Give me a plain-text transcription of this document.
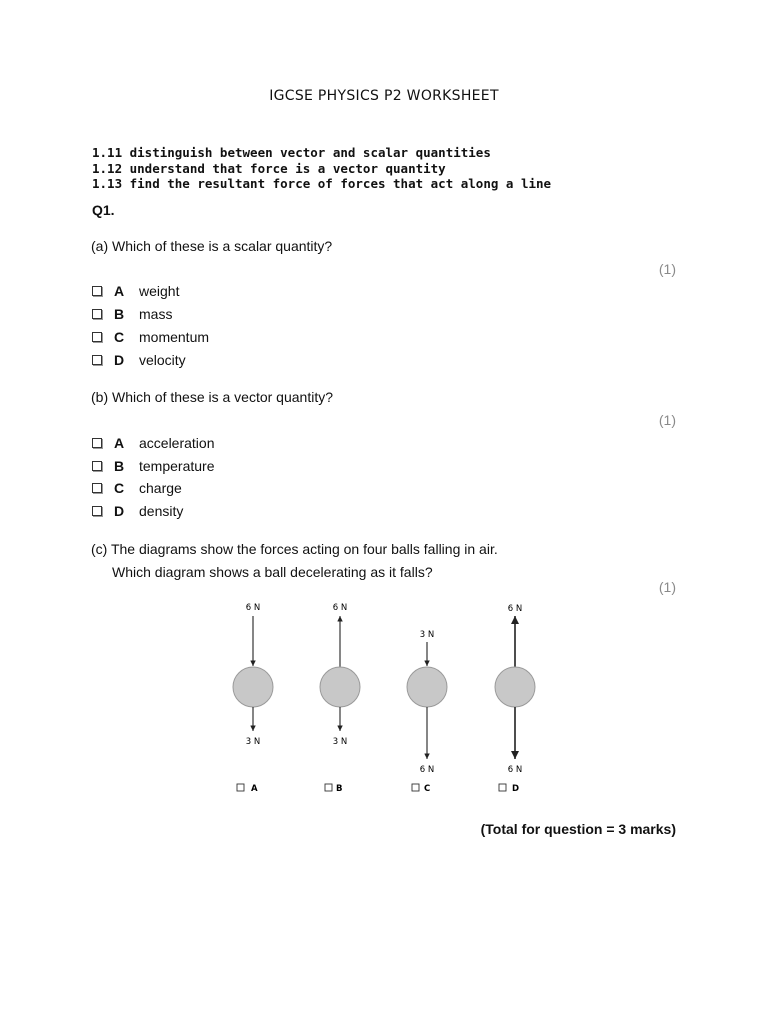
IGCSE PHYSICS P2 WORKSHEET
1.11 distinguish between vector and scalar quantities
1.12 understand that force is a vector quantity
1.13 find the resultant force of forces that act along a line
Q1.
(a) Which of these is a scalar quantity?
(1)
A	weight
B	mass
C	momentum
D	velocity
(b) Which of these is a vector quantity?
(1)
A	acceleration
B	temperature
C	charge
D	density
(c) The diagrams show the forces acting on four balls falling in air.
Which diagram shows a ball decelerating as it falls?
(1)
6 N
3 N
A
6 N
3 N
B
3 N
6 N
C
6 N
6 N
D
(Total for question = 3 marks)
